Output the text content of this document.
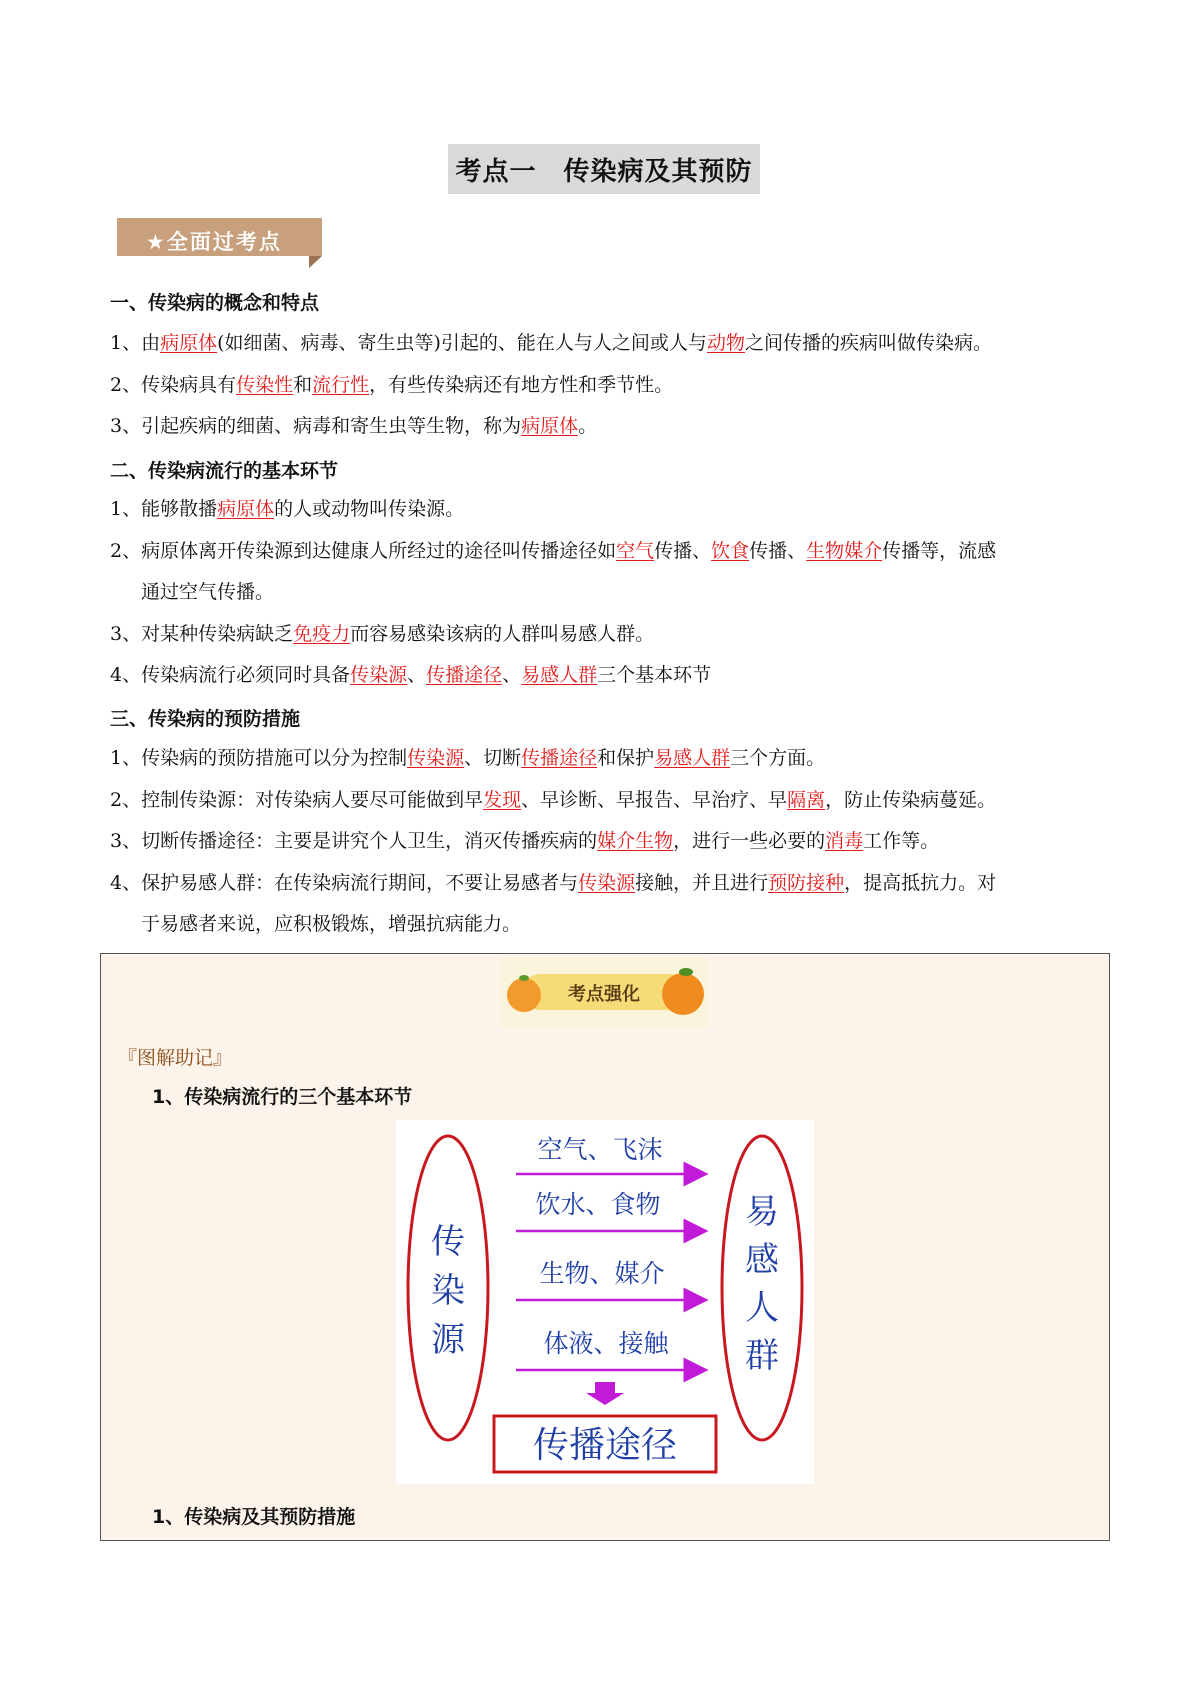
考点一　传染病及其预防
★全面过考点
一、传染病的概念和特点
1、由病原体(如细菌、病毒、寄生虫等)引起的、能在人与人之间或人与动物之间传播的疾病叫做传染病。
2、传染病具有传染性和流行性，有些传染病还有地方性和季节性。
3、引起疾病的细菌、病毒和寄生虫等生物，称为病原体。
二、传染病流行的基本环节
1、能够散播病原体的人或动物叫传染源。
2、病原体离开传染源到达健康人所经过的途径叫传播途径如空气传播、饮食传播、生物媒介传播等，流感
通过空气传播。
3、对某种传染病缺乏免疫力而容易感染该病的人群叫易感人群。
4、传染病流行必须同时具备传染源、传播途径、易感人群三个基本环节
三、传染病的预防措施
1、传染病的预防措施可以分为控制传染源、切断传播途径和保护易感人群三个方面。
2、控制传染源：对传染病人要尽可能做到早发现、早诊断、早报告、早治疗、早隔离，防止传染病蔓延。
3、切断传播途径：主要是讲究个人卫生，消灭传播疾病的媒介生物，进行一些必要的消毒工作等。
4、保护易感人群：在传染病流行期间，不要让易感者与传染源接触，并且进行预防接种，提高抵抗力。对
于易感者来说，应积极锻炼，增强抗病能力。
考点强化
『图解助记』
1、传染病流行的三个基本环节
传
染
源
易
感
人
群
空气、飞沫
饮水、食物
生物、媒介
体液、接触
传播途径
1、传染病及其预防措施
